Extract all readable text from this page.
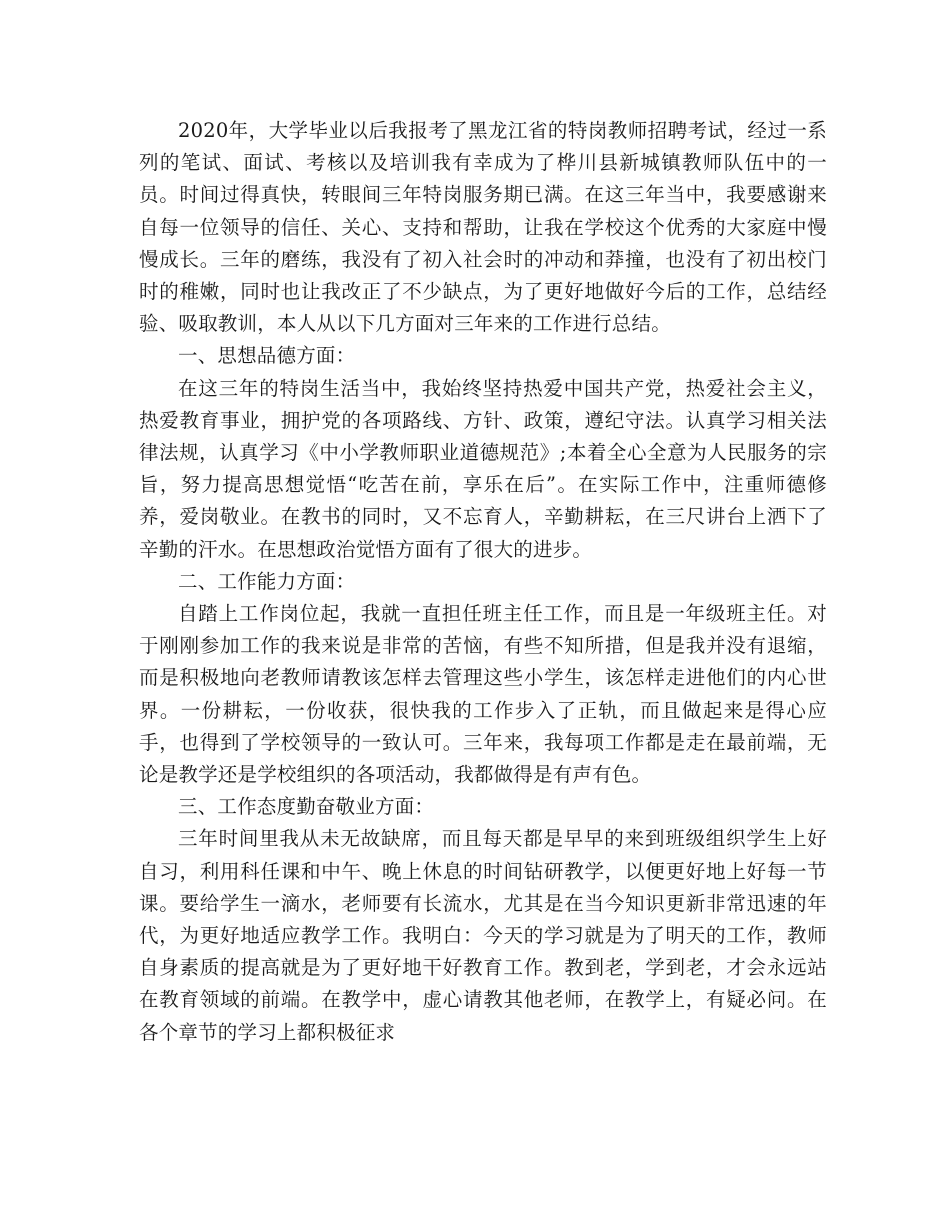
2020年，大学毕业以后我报考了黑龙江省的特岗教师招聘考试，经过一系列的笔试、面试、考核以及培训我有幸成为了桦川县新城镇教师队伍中的一员。时间过得真快，转眼间三年特岗服务期已满。在这三年当中，我要感谢来自每一位领导的信任、关心、支持和帮助，让我在学校这个优秀的大家庭中慢慢成长。三年的磨练，我没有了初入社会时的冲动和莽撞，也没有了初出校门时的稚嫩，同时也让我改正了不少缺点，为了更好地做好今后的工作，总结经验、吸取教训，本人从以下几方面对三年来的工作进行总结。

一、思想品德方面：

在这三年的特岗生活当中，我始终坚持热爱中国共产党，热爱社会主义，热爱教育事业，拥护党的各项路线、方针、政策，遵纪守法。认真学习相关法律法规，认真学习《中小学教师职业道德规范》;本着全心全意为人民服务的宗旨，努力提高思想觉悟“吃苦在前，享乐在后”。在实际工作中，注重师德修养，爱岗敬业。在教书的同时，又不忘育人，辛勤耕耘，在三尺讲台上洒下了辛勤的汗水。在思想政治觉悟方面有了很大的进步。

二、工作能力方面：

自踏上工作岗位起，我就一直担任班主任工作，而且是一年级班主任。对于刚刚参加工作的我来说是非常的苦恼，有些不知所措，但是我并没有退缩，而是积极地向老教师请教该怎样去管理这些小学生，该怎样走进他们的内心世界。一份耕耘，一份收获，很快我的工作步入了正轨，而且做起来是得心应手，也得到了学校领导的一致认可。三年来，我每项工作都是走在最前端，无论是教学还是学校组织的各项活动，我都做得是有声有色。

三、工作态度勤奋敬业方面：

三年时间里我从未无故缺席，而且每天都是早早的来到班级组织学生上好自习，利用科任课和中午、晚上休息的时间钻研教学，以便更好地上好每一节课。要给学生一滴水，老师要有长流水，尤其是在当今知识更新非常迅速的年代，为更好地适应教学工作。我明白：今天的学习就是为了明天的工作，教师自身素质的提高就是为了更好地干好教育工作。教到老，学到老，才会永远站在教育领域的前端。在教学中，虚心请教其他老师，在教学上，有疑必问。在各个章节的学习上都积极征求
